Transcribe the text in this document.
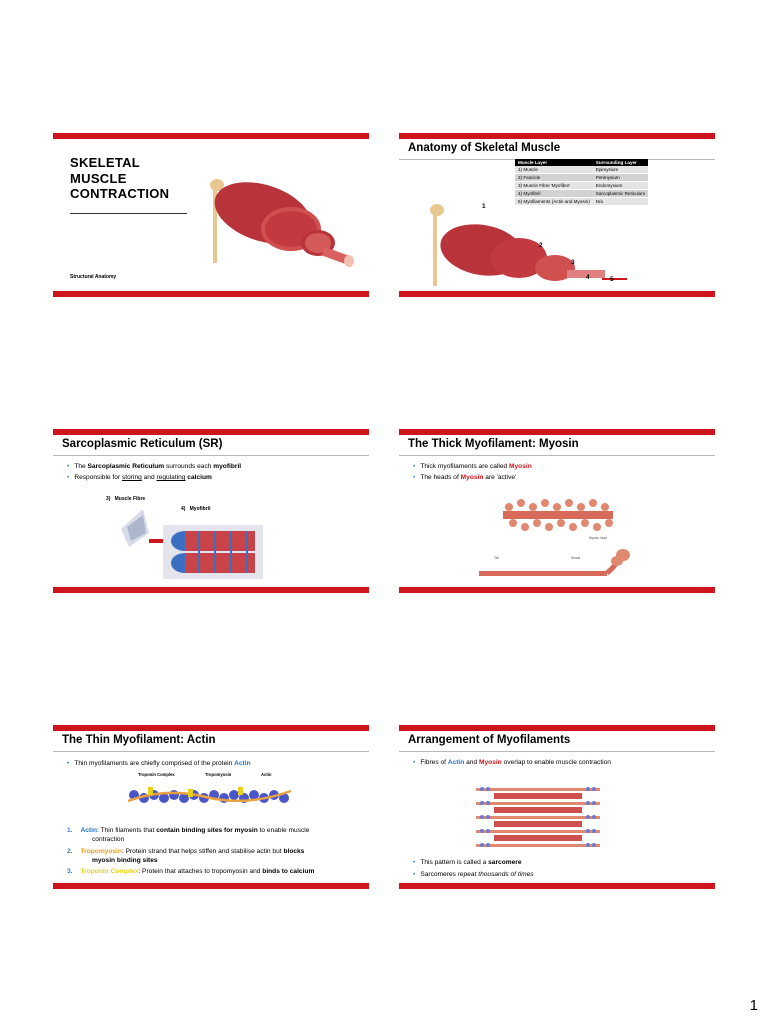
SKELETAL
MUSCLE
CONTRACTION
Structural Anatomy
Anatomy of Skeletal Muscle
Muscle Layer	Surrounding Layer
1) Muscle	Epimysium
2) Fascicle	Perimysium
3) Muscle Fibre 'Myofibre'	Endomysium
4) Myofibril	Sarcoplasmic Reticulum
5) Myofilaments (Actin and Myosin)	N/a
1
2
3
4	5
Sarcoplasmic Reticulum (SR)
• The Sarcoplasmic Reticulum surrounds each myofibril
• Responsible for storing and regulating calcium
3) Muscle Fibre
4) Myofibril
The Thick Myofilament: Myosin
• Thick myofilaments are called Myosin
• The heads of Myosin are 'active'
Myosin head
Tail	Heads
The Thin Myofilament: Actin
• Thin myofilaments are chiefly comprised of the protein Actin
Troponin Complex	Tropomyosin	Actin
1. Actin: Thin filaments that contain binding sites for myosin to enable muscle
contraction
2. Tropomyosin: Protein strand that helps stiffen and stabilise actin but blocks
myosin binding sites
3. Troponin Complex: Protein that attaches to tropomyosin and binds to calcium
Arrangement of Myofilaments
• Fibres of Actin and Myosin overlap to enable muscle contraction
• This pattern is called a sarcomere
• Sarcomeres repeat thousands of times
1
